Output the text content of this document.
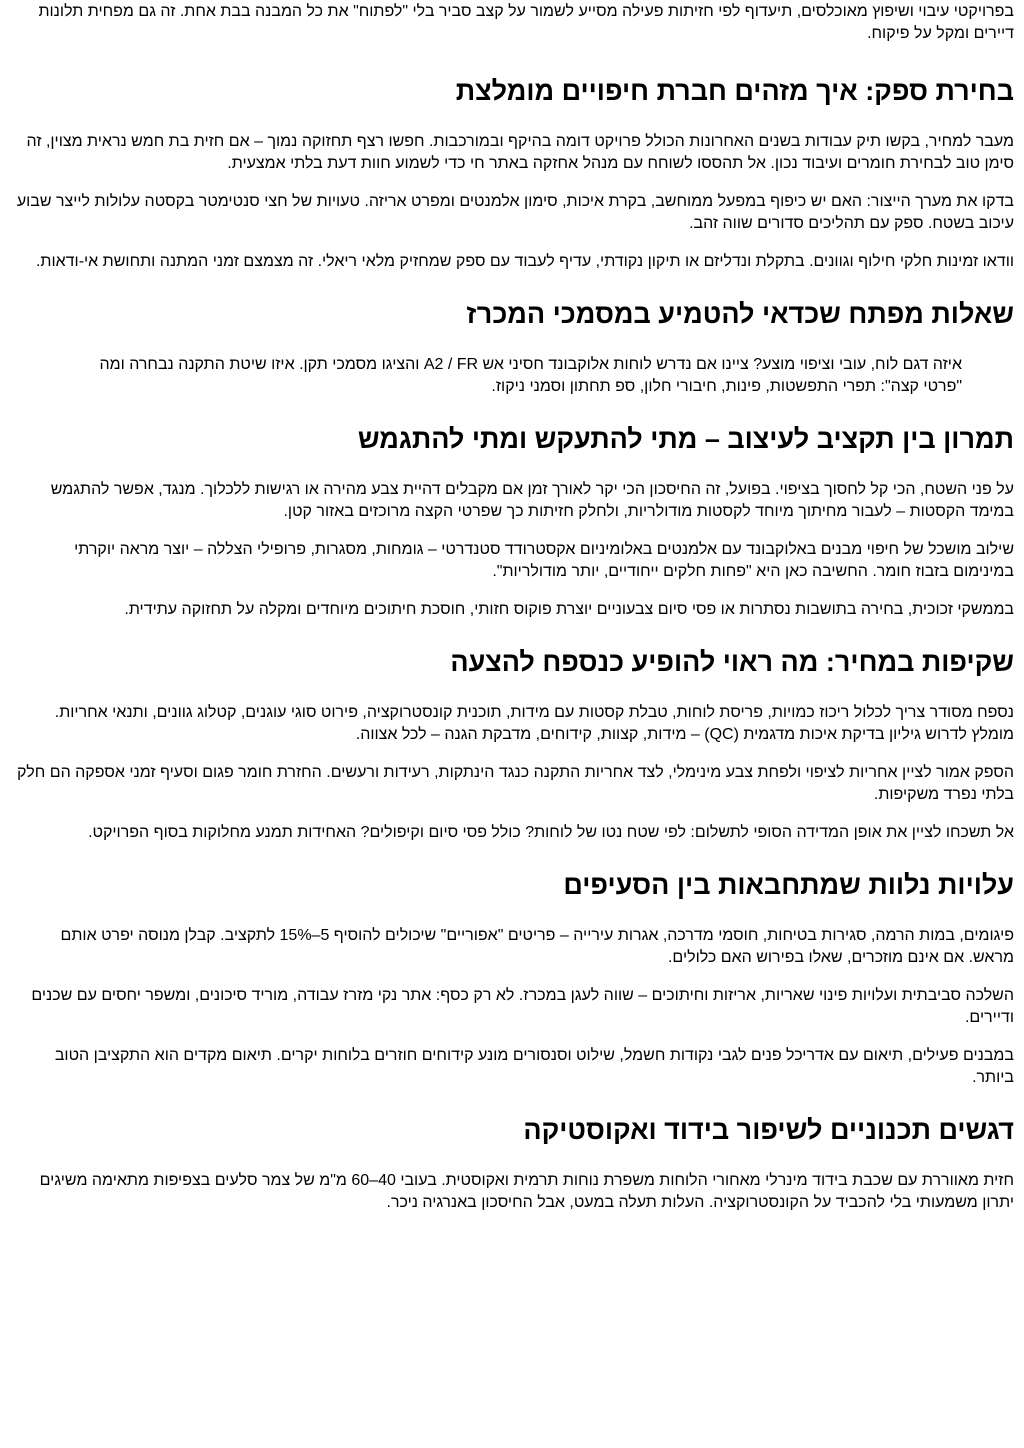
בפרויקטי עיבוי ושיפוץ מאוכלסים, תיעדוף לפי חזיתות פעילה מסייע לשמור על קצב סביר בלי "לפתוח" את כל המבנה בבת אחת. זה גם מפחית תלונות דיירים ומקל על פיקוח.

בחירת ספק: איך מזהים חברת חיפויים מומלצת

מעבר למחיר, בקשו תיק עבודות בשנים האחרונות הכולל פרויקט דומה בהיקף ובמורכבות. חפשו רצף תחזוקה נמוך – אם חזית בת חמש נראית מצוין, זה סימן טוב לבחירת חומרים ועיבוד נכון. אל תהססו לשוחח עם מנהל אחזקה באתר חי כדי לשמוע חוות דעת בלתי אמצעית.

בדקו את מערך הייצור: האם יש כיפוף במפעל ממוחשב, בקרת איכות, סימון אלמנטים ומפרט אריזה. טעויות של חצי סנטימטר בקסטה עלולות לייצר שבוע עיכוב בשטח. ספק עם תהליכים סדורים שווה זהב.

וודאו זמינות חלקי חילוף וגוונים. בתקלת ונדליזם או תיקון נקודתי, עדיף לעבוד עם ספק שמחזיק מלאי ריאלי. זה מצמצם זמני המתנה ותחושת אי-ודאות.

שאלות מפתח שכדאי להטמיע במסמכי המכרז

איזה דגם לוח, עובי וציפוי מוצע? ציינו אם נדרש לוחות אלוקבונד חסיני אש A2 / FR והציגו מסמכי תקן. איזו שיטת התקנה נבחרה ומה "פרטי קצה": תפרי התפשטות, פינות, חיבורי חלון, ספ תחתון וסמני ניקוז.

תמרון בין תקציב לעיצוב – מתי להתעקש ומתי להתגמש

על פני השטח, הכי קל לחסוך בציפוי. בפועל, זה החיסכון הכי יקר לאורך זמן אם מקבלים דהיית צבע מהירה או רגישות ללכלוך. מנגד, אפשר להתגמש במימד הקסטות – לעבור מחיתוך מיוחד לקסטות מודולריות, ולחלק חזיתות כך שפרטי הקצה מרוכזים באזור קטן.

שילוב מושכל של חיפוי מבנים באלוקבונד עם אלמנטים באלומיניום אקסטרודד סטנדרטי – גומחות, מסגרות, פרופילי הצללה – יוצר מראה יוקרתי במינימום בזבוז חומר. החשיבה כאן היא "פחות חלקים ייחודיים, יותר מודולריות".

בממשקי זכוכית, בחירה בתושבות נסתרות או פסי סיום צבעוניים יוצרת פוקוס חזותי, חוסכת חיתוכים מיוחדים ומקלה על תחזוקה עתידית.

שקיפות במחיר: מה ראוי להופיע כנספח להצעה

נספח מסודר צריך לכלול ריכוז כמויות, פריסת לוחות, טבלת קסטות עם מידות, תוכנית קונסטרוקציה, פירוט סוגי עוגנים, קטלוג גוונים, ותנאי אחריות. מומלץ לדרוש גיליון בדיקת איכות מדגמית (QC) – מידות, קצוות, קידוחים, מדבקת הגנה – לכל אצווה.

הספק אמור לציין אחריות לציפוי ולפחת צבע מינימלי, לצד אחריות התקנה כנגד הינתקות, רעידות ורעשים. החזרת חומר פגום וסעיף זמני אספקה הם חלק בלתי נפרד משקיפות.

אל תשכחו לציין את אופן המדידה הסופי לתשלום: לפי שטח נטו של לוחות? כולל פסי סיום וקיפולים? האחידות תמנע מחלוקות בסוף הפרויקט.

עלויות נלוות שמתחבאות בין הסעיפים

פיגומים, במות הרמה, סגירות בטיחות, חוסמי מדרכה, אגרות עירייה – פריטים "אפוריים" שיכולים להוסיף 5–15% לתקציב. קבלן מנוסה יפרט אותם מראש. אם אינם מוזכרים, שאלו בפירוש האם כלולים.

השלכה סביבתית ועלויות פינוי שאריות, אריזות וחיתוכים – שווה לעגן במכרז. לא רק כסף: אתר נקי מזרז עבודה, מוריד סיכונים, ומשפר יחסים עם שכנים ודיירים.

במבנים פעילים, תיאום עם אדריכל פנים לגבי נקודות חשמל, שילוט וסנסורים מונע קידוחים חוזרים בלוחות יקרים. תיאום מקדים הוא התקציבן הטוב ביותר.

דגשים תכנוניים לשיפור בידוד ואקוסטיקה

חזית מאווררת עם שכבת בידוד מינרלי מאחורי הלוחות משפרת נוחות תרמית ואקוסטית. בעובי 40–60 מ"מ של צמר סלעים בצפיפות מתאימה משיגים יתרון משמעותי בלי להכביד על הקונסטרוקציה. העלות תעלה במעט, אבל החיסכון באנרגיה ניכר.
